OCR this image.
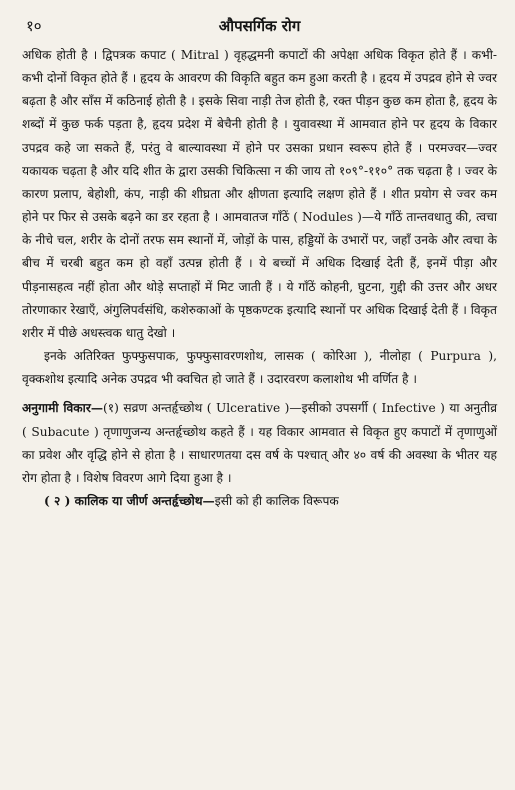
१०	औपसर्गिक रोग

अधिक होती है । द्विपत्रक कपाट ( Mitral ) वृहद्धमनी कपाटों की अपेक्षा अधिक विकृत होते हैं । कभी-कभी दोनों विकृत होते हैं । हृदय के आवरण की विकृति बहुत कम हुआ करती है । हृदय में उपद्रव होने से ज्वर बढ़ता है और साँस में कठिनाई होती है । इसके सिवा नाड़ी तेज होती है, रक्त पीड़न कुछ कम होता है, हृदय के शब्दों में कुछ फर्क पड़ता है, हृदय प्रदेश में बेचैनी होती है । युवावस्था में आमवात होने पर हृदय के विकार उपद्रव कहे जा सकते हैं, परंतु वे बाल्यावस्था में होने पर उसका प्रधान स्वरूप होते हैं । परमज्वर—ज्वर यकायक चढ़ता है और यदि शीत के द्वारा उसकी चिकित्सा न की जाय तो १०९°-११०° तक चढ़ता है । ज्वर के कारण प्रलाप, बेहोशी, कंप, नाड़ी की शीघ्रता और क्षीणता इत्यादि लक्षण होते हैं । शीत प्रयोग से ज्वर कम होने पर फिर से उसके बढ़ने का डर रहता है । आमवातज गाँठें ( Nodules )—ये गाँठें तान्तवधातु की, त्वचा के नीचे चल, शरीर के दोनों तरफ सम स्थानों में, जोड़ों के पास, हड्डियों के उभारों पर, जहाँ उनके और त्वचा के बीच में चरबी बहुत कम हो वहाँ उत्पन्न होती हैं । ये बच्चों में अधिक दिखाई देती हैं, इनमें पीड़ा और पीड़नासहत्व नहीं होता और थोड़े सप्ताहों में मिट जाती हैं । ये गाँठें कोहनी, घुटना, गुद्दी की उत्तर और अधर तोरणाकार रेखाएँ, अंगुलिपर्वसंधि, कशेरुकाओं के पृष्ठकण्टक इत्यादि स्थानों पर अधिक दिखाई देती हैं । विकृत शरीर में पीछे अधस्त्वक धातु देखो ।

इनके अतिरिक्त फुफ्फुसपाक, फुफ्फुसावरणशोथ, लासक ( कोरिआ ), नीलोहा ( Purpura ), वृक्कशोथ इत्यादि अनेक उपद्रव भी क्वचित हो जाते हैं । उदारवरण कलाशोथ भी वर्णित है ।

अनुगामी विकार—(१) सव्रण अन्तर्हृच्छोथ ( Ulcerative )—इसीको उपसर्गी ( Infective ) या अनुतीव्र ( Subacute ) तृणाणुजन्य अन्तर्हृच्छोथ कहते हैं । यह विकार आमवात से विकृत हुए कपाटों में तृणाणुओं का प्रवेश और वृद्धि होने से होता है । साधारणतया दस वर्ष के पश्चात् और ४० वर्ष की अवस्था के भीतर यह रोग होता है । विशेष विवरण आगे दिया हुआ है ।

( २ ) कालिक या जीर्ण अन्तर्हृच्छोथ—इसी को ही कालिक विरूपक
